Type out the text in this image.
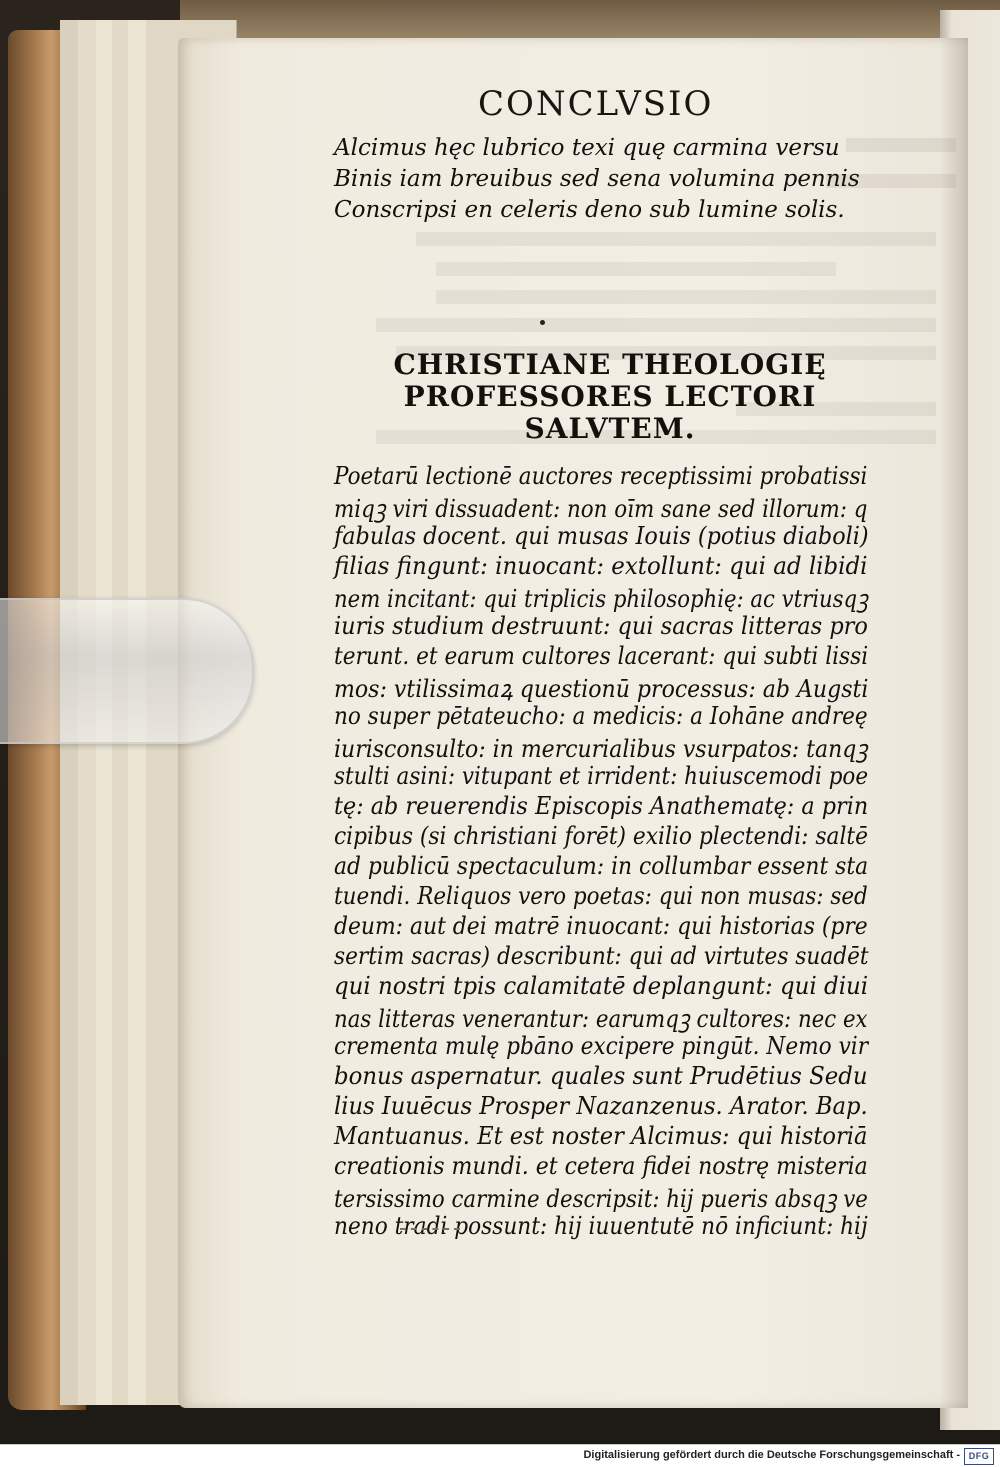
CONCLVSIO
Alcimus hęc lubrico texi quę carmina versu
Binis iam breuibus sed sena volumina pennis
Conscripsi en celeris deno sub lumine solis.
CHRISTIANE THEOLOGIĘ
PROFESSORES LECTORI
SALVTEM.
Poetarū lectionē auctores receptissimi probatissi
miqꝫ viri dissuadent: non oīm sane sed illorum: q
fabulas docent. qui musas Iouis (potius diaboli)
filias fingunt: inuocant: extollunt: qui ad libidi
nem incitant: qui triplicis philosophię: ac vtriusqꝫ
iuris studium destruunt: qui sacras litteras pro
terunt. et earum cultores lacerant: qui subti lissi
mos: vtilissimaꝝ questionū processus: ab Augsti
no super pētateucho: a medicis: a Iohāne andreę
iurisconsulto: in mercurialibus vsurpatos: tanqꝫ
stulti asini: vitupant et irrident: huiuscemodi poe
tę: ab reuerendis Episcopis Anathematę: a prin
cipibus (si christiani forēt) exilio plectendi: saltē
ad publicū spectaculum: in collumbar essent sta
tuendi. Reliquos vero poetas: qui non musas: sed
deum: aut dei matrē inuocant: qui historias (pre
sertim sacras) describunt: qui ad virtutes suadēt
qui nostri tpis calamitatē deplangunt: qui diui
nas litteras venerantur: earumqꝫ cultores: nec ex
crementa mulę pbāno excipere pingūt. Nemo vir
bonus aspernatur. quales sunt Prudētius Sedu
lius Iuuēcus Prosper Nazanzenus. Arator. Bap.
Mantuanus. Et est noster Alcimus: qui historiā
creationis mundi. et cetera fidei nostrę misteria
tersissimo carmine descripsit: hij pueris absqꝫ ve
neno tradi possunt: hij iuuentutē nō inficiunt: hij
Digitalisierung gefördert durch die Deutsche Forschungsgemeinschaft - DFG
